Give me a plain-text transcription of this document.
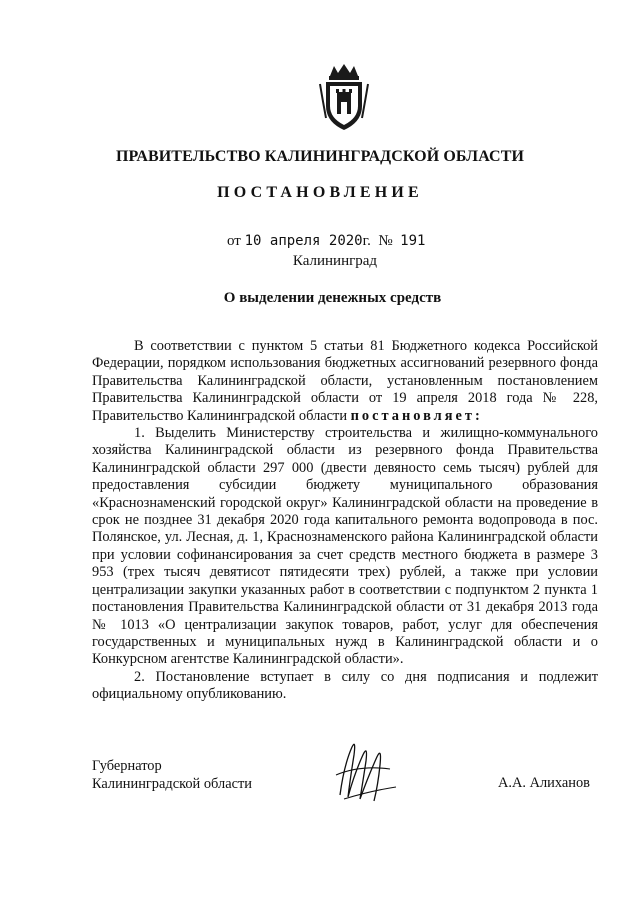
ПРАВИТЕЛЬСТВО КАЛИНИНГРАДСКОЙ ОБЛАСТИ
ПОСТАНОВЛЕНИЕ
от 10 апреля 2020г. № 191
Калининград
О выделении денежных средств

В соответствии с пунктом 5 статьи 81 Бюджетного кодекса Российской Федерации, порядком использования бюджетных ассигнований резервного фонда Правительства Калининградской области, установленным постановлением Правительства Калининградской области от 19 апреля 2018 года № 228, Правительство Калининградской области постановляет:

1. Выделить Министерству строительства и жилищно-коммунального хозяйства Калининградской области из резервного фонда Правительства Калининградской области 297 000 (двести девяносто семь тысяч) рублей для предоставления субсидии бюджету муниципального образования «Краснознаменский городской округ» Калининградской области на проведение в срок не позднее 31 декабря 2020 года капитального ремонта водопровода в пос. Полянское, ул. Лесная, д. 1, Краснознаменского района Калининградской области при условии софинансирования за счет средств местного бюджета в размере 3 953 (трех тысяч девятисот пятидесяти трех) рублей, а также при условии централизации закупки указанных работ в соответствии с подпунктом 2 пункта 1 постановления Правительства Калининградской области от 31 декабря 2013 года № 1013 «О централизации закупок товаров, работ, услуг для обеспечения государственных и муниципальных нужд в Калининградской области и о Конкурсном агентстве Калининградской области».

2. Постановление вступает в силу со дня подписания и подлежит официальному опубликованию.

Губернатор
Калининградской области	А.А. Алиханов
